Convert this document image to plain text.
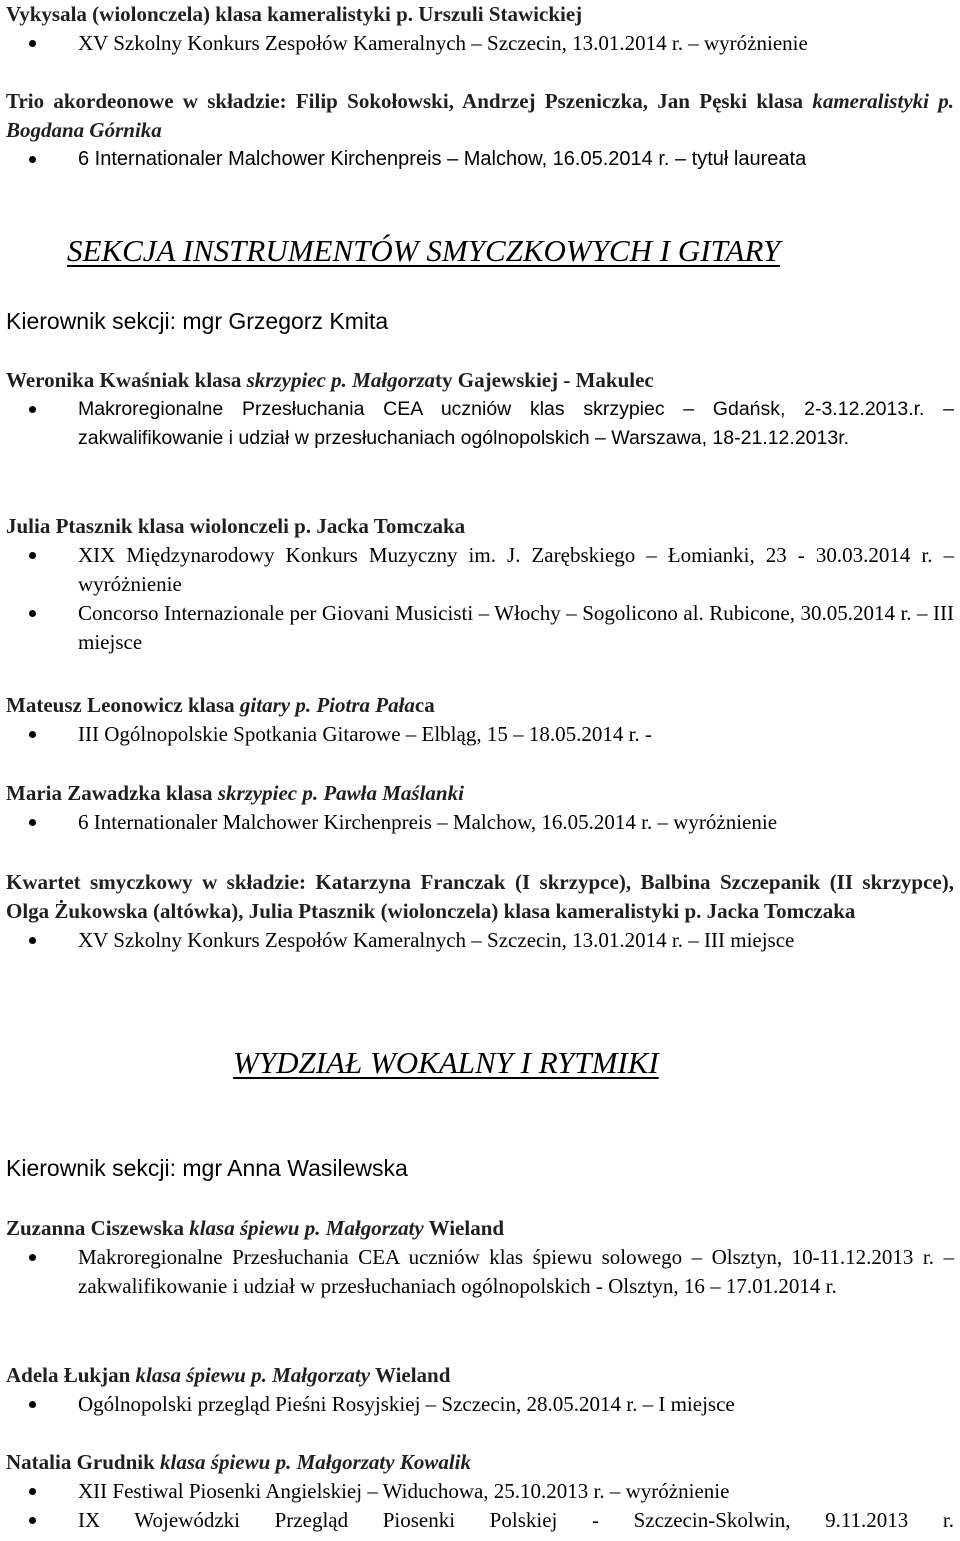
Vykysala (wiolonczela) klasa kameralistyki p. Urszuli Stawickiej
XV Szkolny Konkurs Zespołów Kameralnych – Szczecin, 13.01.2014 r. – wyróżnienie
Trio akordeonowe w składzie: Filip Sokołowski, Andrzej Pszeniczka, Jan Pęski klasa kameralistyki p. Bogdana Górnika
6 Internationaler Malchower Kirchenpreis – Malchow, 16.05.2014 r. – tytuł laureata
SEKCJA INSTRUMENTÓW SMYCZKOWYCH I GITARY
Kierownik sekcji: mgr Grzegorz Kmita
Weronika Kwaśniak klasa skrzypiec p. Małgorzaty Gajewskiej - Makulec
Makroregionalne Przesłuchania CEA uczniów klas skrzypiec – Gdańsk, 2-3.12.2013.r. – zakwalifikowanie i udział w przesłuchaniach ogólnopolskich – Warszawa, 18-21.12.2013r.
Julia Ptasznik klasa wiolonczeli p. Jacka Tomczaka
XIX Międzynarodowy Konkurs Muzyczny im. J. Zarębskiego – Łomianki, 23 - 30.03.2014 r. – wyróżnienie
Concorso Internazionale per Giovani Musicisti – Włochy – Sogolicono al. Rubicone, 30.05.2014 r. – III miejsce
Mateusz Leonowicz klasa gitary p. Piotra Pałaca
III Ogólnopolskie Spotkania Gitarowe – Elbląg, 15 – 18.05.2014 r. -
Maria Zawadzka klasa skrzypiec p. Pawła Maślanki
6 Internationaler Malchower Kirchenpreis – Malchow, 16.05.2014 r. – wyróżnienie
Kwartet smyczkowy w składzie: Katarzyna Franczak (I skrzypce), Balbina Szczepanik (II skrzypce), Olga Żukowska (altówka), Julia Ptasznik (wiolonczela) klasa kameralistyki p. Jacka Tomczaka
XV Szkolny Konkurs Zespołów Kameralnych – Szczecin, 13.01.2014 r. – III miejsce
WYDZIAŁ WOKALNY I RYTMIKI
Kierownik sekcji: mgr Anna Wasilewska
Zuzanna Ciszewska klasa śpiewu p. Małgorzaty Wieland
Makroregionalne Przesłuchania CEA uczniów klas śpiewu solowego – Olsztyn, 10-11.12.2013 r. – zakwalifikowanie i udział w przesłuchaniach ogólnopolskich - Olsztyn, 16 – 17.01.2014 r.
Adela Łukjan klasa śpiewu p. Małgorzaty Wieland
Ogólnopolski przegląd Pieśni Rosyjskiej – Szczecin, 28.05.2014 r. – I miejsce
Natalia Grudnik klasa śpiewu p. Małgorzaty Kowalik
XII Festiwal Piosenki Angielskiej – Widuchowa, 25.10.2013 r. – wyróżnienie
IX Wojewódzki Przegląd Piosenki Polskiej - Szczecin-Skolwin, 9.11.2013 r.
